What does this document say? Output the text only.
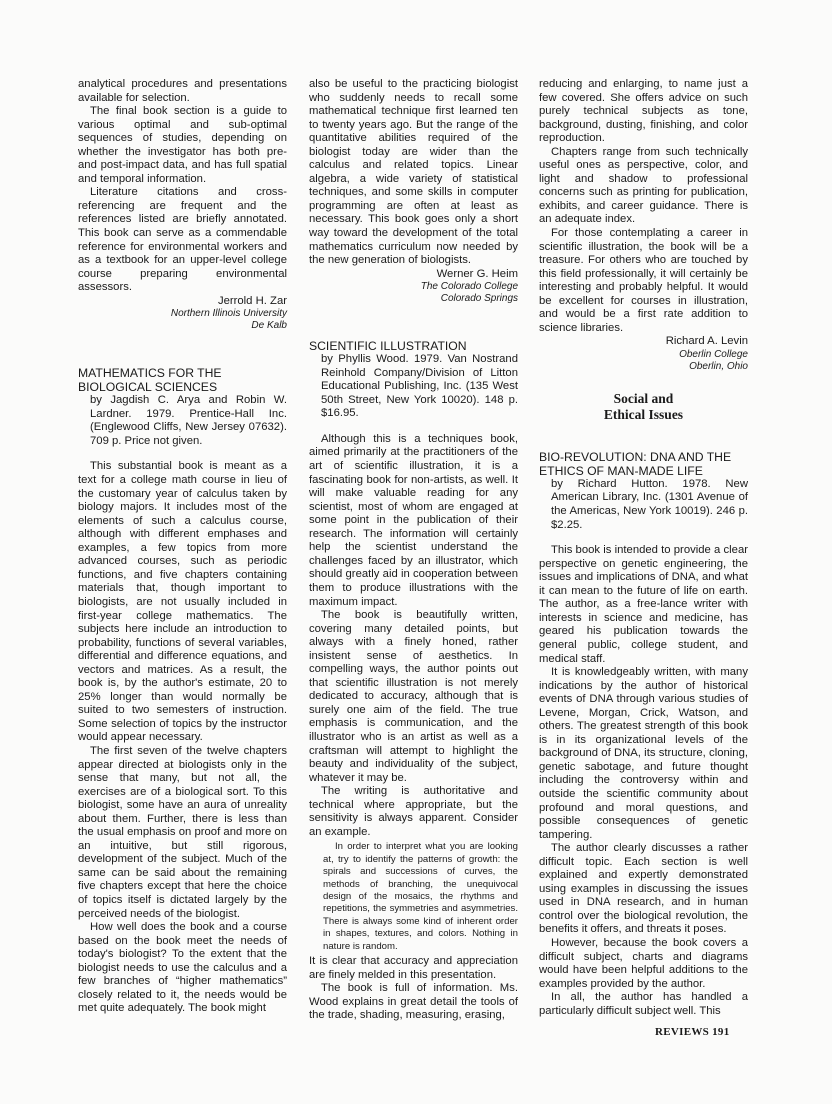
analytical procedures and presentations available for selection.

The final book section is a guide to various optimal and sub-optimal sequences of studies, depending on whether the investigator has both pre- and post-impact data, and has full spatial and temporal information.

Literature citations and cross-referencing are frequent and the references listed are briefly annotated. This book can serve as a commendable reference for environmental workers and as a textbook for an upper-level college course preparing environmental assessors.

Jerrold H. Zar
Northern Illinois University
De Kalb
MATHEMATICS FOR THE
BIOLOGICAL SCIENCES
by Jagdish C. Arya and Robin W. Lardner. 1979. Prentice-Hall Inc. (Englewood Cliffs, New Jersey 07632). 709 p. Price not given.

This substantial book is meant as a text for a college math course in lieu of the customary year of calculus taken by biology majors. It includes most of the elements of such a calculus course, although with different emphases and examples, a few topics from more advanced courses, such as periodic functions, and five chapters containing materials that, though important to biologists, are not usually included in first-year college mathematics. The subjects here include an introduction to probability, functions of several variables, differential and difference equations, and vectors and matrices. As a result, the book is, by the author's estimate, 20 to 25% longer than would normally be suited to two semesters of instruction. Some selection of topics by the instructor would appear necessary.

The first seven of the twelve chapters appear directed at biologists only in the sense that many, but not all, the exercises are of a biological sort. To this biologist, some have an aura of unreality about them. Further, there is less than the usual emphasis on proof and more on an intuitive, but still rigorous, development of the subject. Much of the same can be said about the remaining five chapters except that here the choice of topics itself is dictated largely by the perceived needs of the biologist.

How well does the book and a course based on the book meet the needs of today's biologist? To the extent that the biologist needs to use the calculus and a few branches of “higher mathematics” closely related to it, the needs would be met quite adequately. The book might

also be useful to the practicing biologist who suddenly needs to recall some mathematical technique first learned ten to twenty years ago. But the range of the quantitative abilities required of the biologist today are wider than the calculus and related topics. Linear algebra, a wide variety of statistical techniques, and some skills in computer programming are often at least as necessary. This book goes only a short way toward the development of the total mathematics curriculum now needed by the new generation of biologists.

Werner G. Heim
The Colorado College
Colorado Springs
SCIENTIFIC ILLUSTRATION
by Phyllis Wood. 1979. Van Nostrand Reinhold Company/Division of Litton Educational Publishing, Inc. (135 West 50th Street, New York 10020). 148 p. $16.95.

Although this is a techniques book, aimed primarily at the practitioners of the art of scientific illustration, it is a fascinating book for non-artists, as well. It will make valuable reading for any scientist, most of whom are engaged at some point in the publication of their research. The information will certainly help the scientist understand the challenges faced by an illustrator, which should greatly aid in cooperation between them to produce illustrations with the maximum impact.

The book is beautifully written, covering many detailed points, but always with a finely honed, rather insistent sense of aesthetics. In compelling ways, the author points out that scientific illustration is not merely dedicated to accuracy, although that is surely one aim of the field. The true emphasis is communication, and the illustrator who is an artist as well as a craftsman will attempt to highlight the beauty and individuality of the subject, whatever it may be.

The writing is authoritative and technical where appropriate, but the sensitivity is always apparent. Consider an example.

In order to interpret what you are looking at, try to identify the patterns of growth: the spirals and successions of curves, the methods of branching, the unequivocal design of the mosaics, the rhythms and repetitions, the symmetries and asymmetries. There is always some kind of inherent order in shapes, textures, and colors. Nothing in nature is random.

It is clear that accuracy and appreciation are finely melded in this presentation.

The book is full of information. Ms. Wood explains in great detail the tools of the trade, shading, measuring, erasing,

reducing and enlarging, to name just a few covered. She offers advice on such purely technical subjects as tone, background, dusting, finishing, and color reproduction.

Chapters range from such technically useful ones as perspective, color, and light and shadow to professional concerns such as printing for publication, exhibits, and career guidance. There is an adequate index.

For those contemplating a career in scientific illustration, the book will be a treasure. For others who are touched by this field professionally, it will certainly be interesting and probably helpful. It would be excellent for courses in illustration, and would be a first rate addition to science libraries.

Richard A. Levin
Oberlin College
Oberlin, Ohio
Social and
Ethical Issues
BIO-REVOLUTION: DNA AND THE
ETHICS OF MAN-MADE LIFE
by Richard Hutton. 1978. New American Library, Inc. (1301 Avenue of the Americas, New York 10019). 246 p. $2.25.

This book is intended to provide a clear perspective on genetic engineering, the issues and implications of DNA, and what it can mean to the future of life on earth. The author, as a free-lance writer with interests in science and medicine, has geared his publication towards the general public, college student, and medical staff.

It is knowledgeably written, with many indications by the author of historical events of DNA through various studies of Levene, Morgan, Crick, Watson, and others. The greatest strength of this book is in its organizational levels of the background of DNA, its structure, cloning, genetic sabotage, and future thought including the controversy within and outside the scientific community about profound and moral questions, and possible consequences of genetic tampering.

The author clearly discusses a rather difficult topic. Each section is well explained and expertly demonstrated using examples in discussing the issues used in DNA research, and in human control over the biological revolution, the benefits it offers, and threats it poses.

However, because the book covers a difficult subject, charts and diagrams would have been helpful additions to the examples provided by the author.

In all, the author has handled a particularly difficult subject well. This

REVIEWS 191
